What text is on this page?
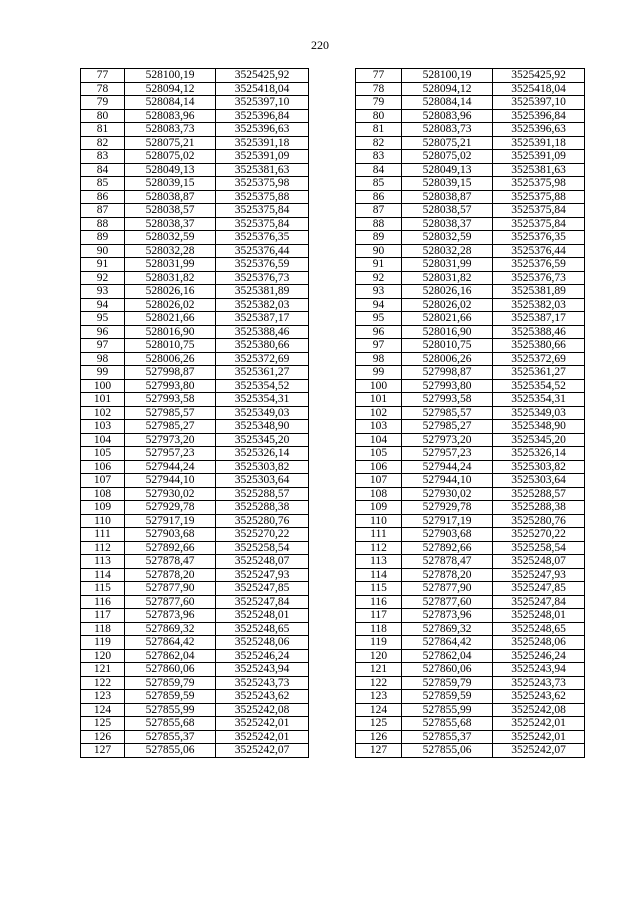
220
77	528100,19	3525425,92		77	528100,19	3525425,92
78	528094,12	3525418,04		78	528094,12	3525418,04
79	528084,14	3525397,10		79	528084,14	3525397,10
80	528083,96	3525396,84		80	528083,96	3525396,84
81	528083,73	3525396,63		81	528083,73	3525396,63
82	528075,21	3525391,18		82	528075,21	3525391,18
83	528075,02	3525391,09		83	528075,02	3525391,09
84	528049,13	3525381,63		84	528049,13	3525381,63
85	528039,15	3525375,98		85	528039,15	3525375,98
86	528038,87	3525375,88		86	528038,87	3525375,88
87	528038,57	3525375,84		87	528038,57	3525375,84
88	528038,37	3525375,84		88	528038,37	3525375,84
89	528032,59	3525376,35		89	528032,59	3525376,35
90	528032,28	3525376,44		90	528032,28	3525376,44
91	528031,99	3525376,59		91	528031,99	3525376,59
92	528031,82	3525376,73		92	528031,82	3525376,73
93	528026,16	3525381,89		93	528026,16	3525381,89
94	528026,02	3525382,03		94	528026,02	3525382,03
95	528021,66	3525387,17		95	528021,66	3525387,17
96	528016,90	3525388,46		96	528016,90	3525388,46
97	528010,75	3525380,66		97	528010,75	3525380,66
98	528006,26	3525372,69		98	528006,26	3525372,69
99	527998,87	3525361,27		99	527998,87	3525361,27
100	527993,80	3525354,52		100	527993,80	3525354,52
101	527993,58	3525354,31		101	527993,58	3525354,31
102	527985,57	3525349,03		102	527985,57	3525349,03
103	527985,27	3525348,90		103	527985,27	3525348,90
104	527973,20	3525345,20		104	527973,20	3525345,20
105	527957,23	3525326,14		105	527957,23	3525326,14
106	527944,24	3525303,82		106	527944,24	3525303,82
107	527944,10	3525303,64		107	527944,10	3525303,64
108	527930,02	3525288,57		108	527930,02	3525288,57
109	527929,78	3525288,38		109	527929,78	3525288,38
110	527917,19	3525280,76		110	527917,19	3525280,76
111	527903,68	3525270,22		111	527903,68	3525270,22
112	527892,66	3525258,54		112	527892,66	3525258,54
113	527878,47	3525248,07		113	527878,47	3525248,07
114	527878,20	3525247,93		114	527878,20	3525247,93
115	527877,90	3525247,85		115	527877,90	3525247,85
116	527877,60	3525247,84		116	527877,60	3525247,84
117	527873,96	3525248,01		117	527873,96	3525248,01
118	527869,32	3525248,65		118	527869,32	3525248,65
119	527864,42	3525248,06		119	527864,42	3525248,06
120	527862,04	3525246,24		120	527862,04	3525246,24
121	527860,06	3525243,94		121	527860,06	3525243,94
122	527859,79	3525243,73		122	527859,79	3525243,73
123	527859,59	3525243,62		123	527859,59	3525243,62
124	527855,99	3525242,08		124	527855,99	3525242,08
125	527855,68	3525242,01		125	527855,68	3525242,01
126	527855,37	3525242,01		126	527855,37	3525242,01
127	527855,06	3525242,07		127	527855,06	3525242,07
